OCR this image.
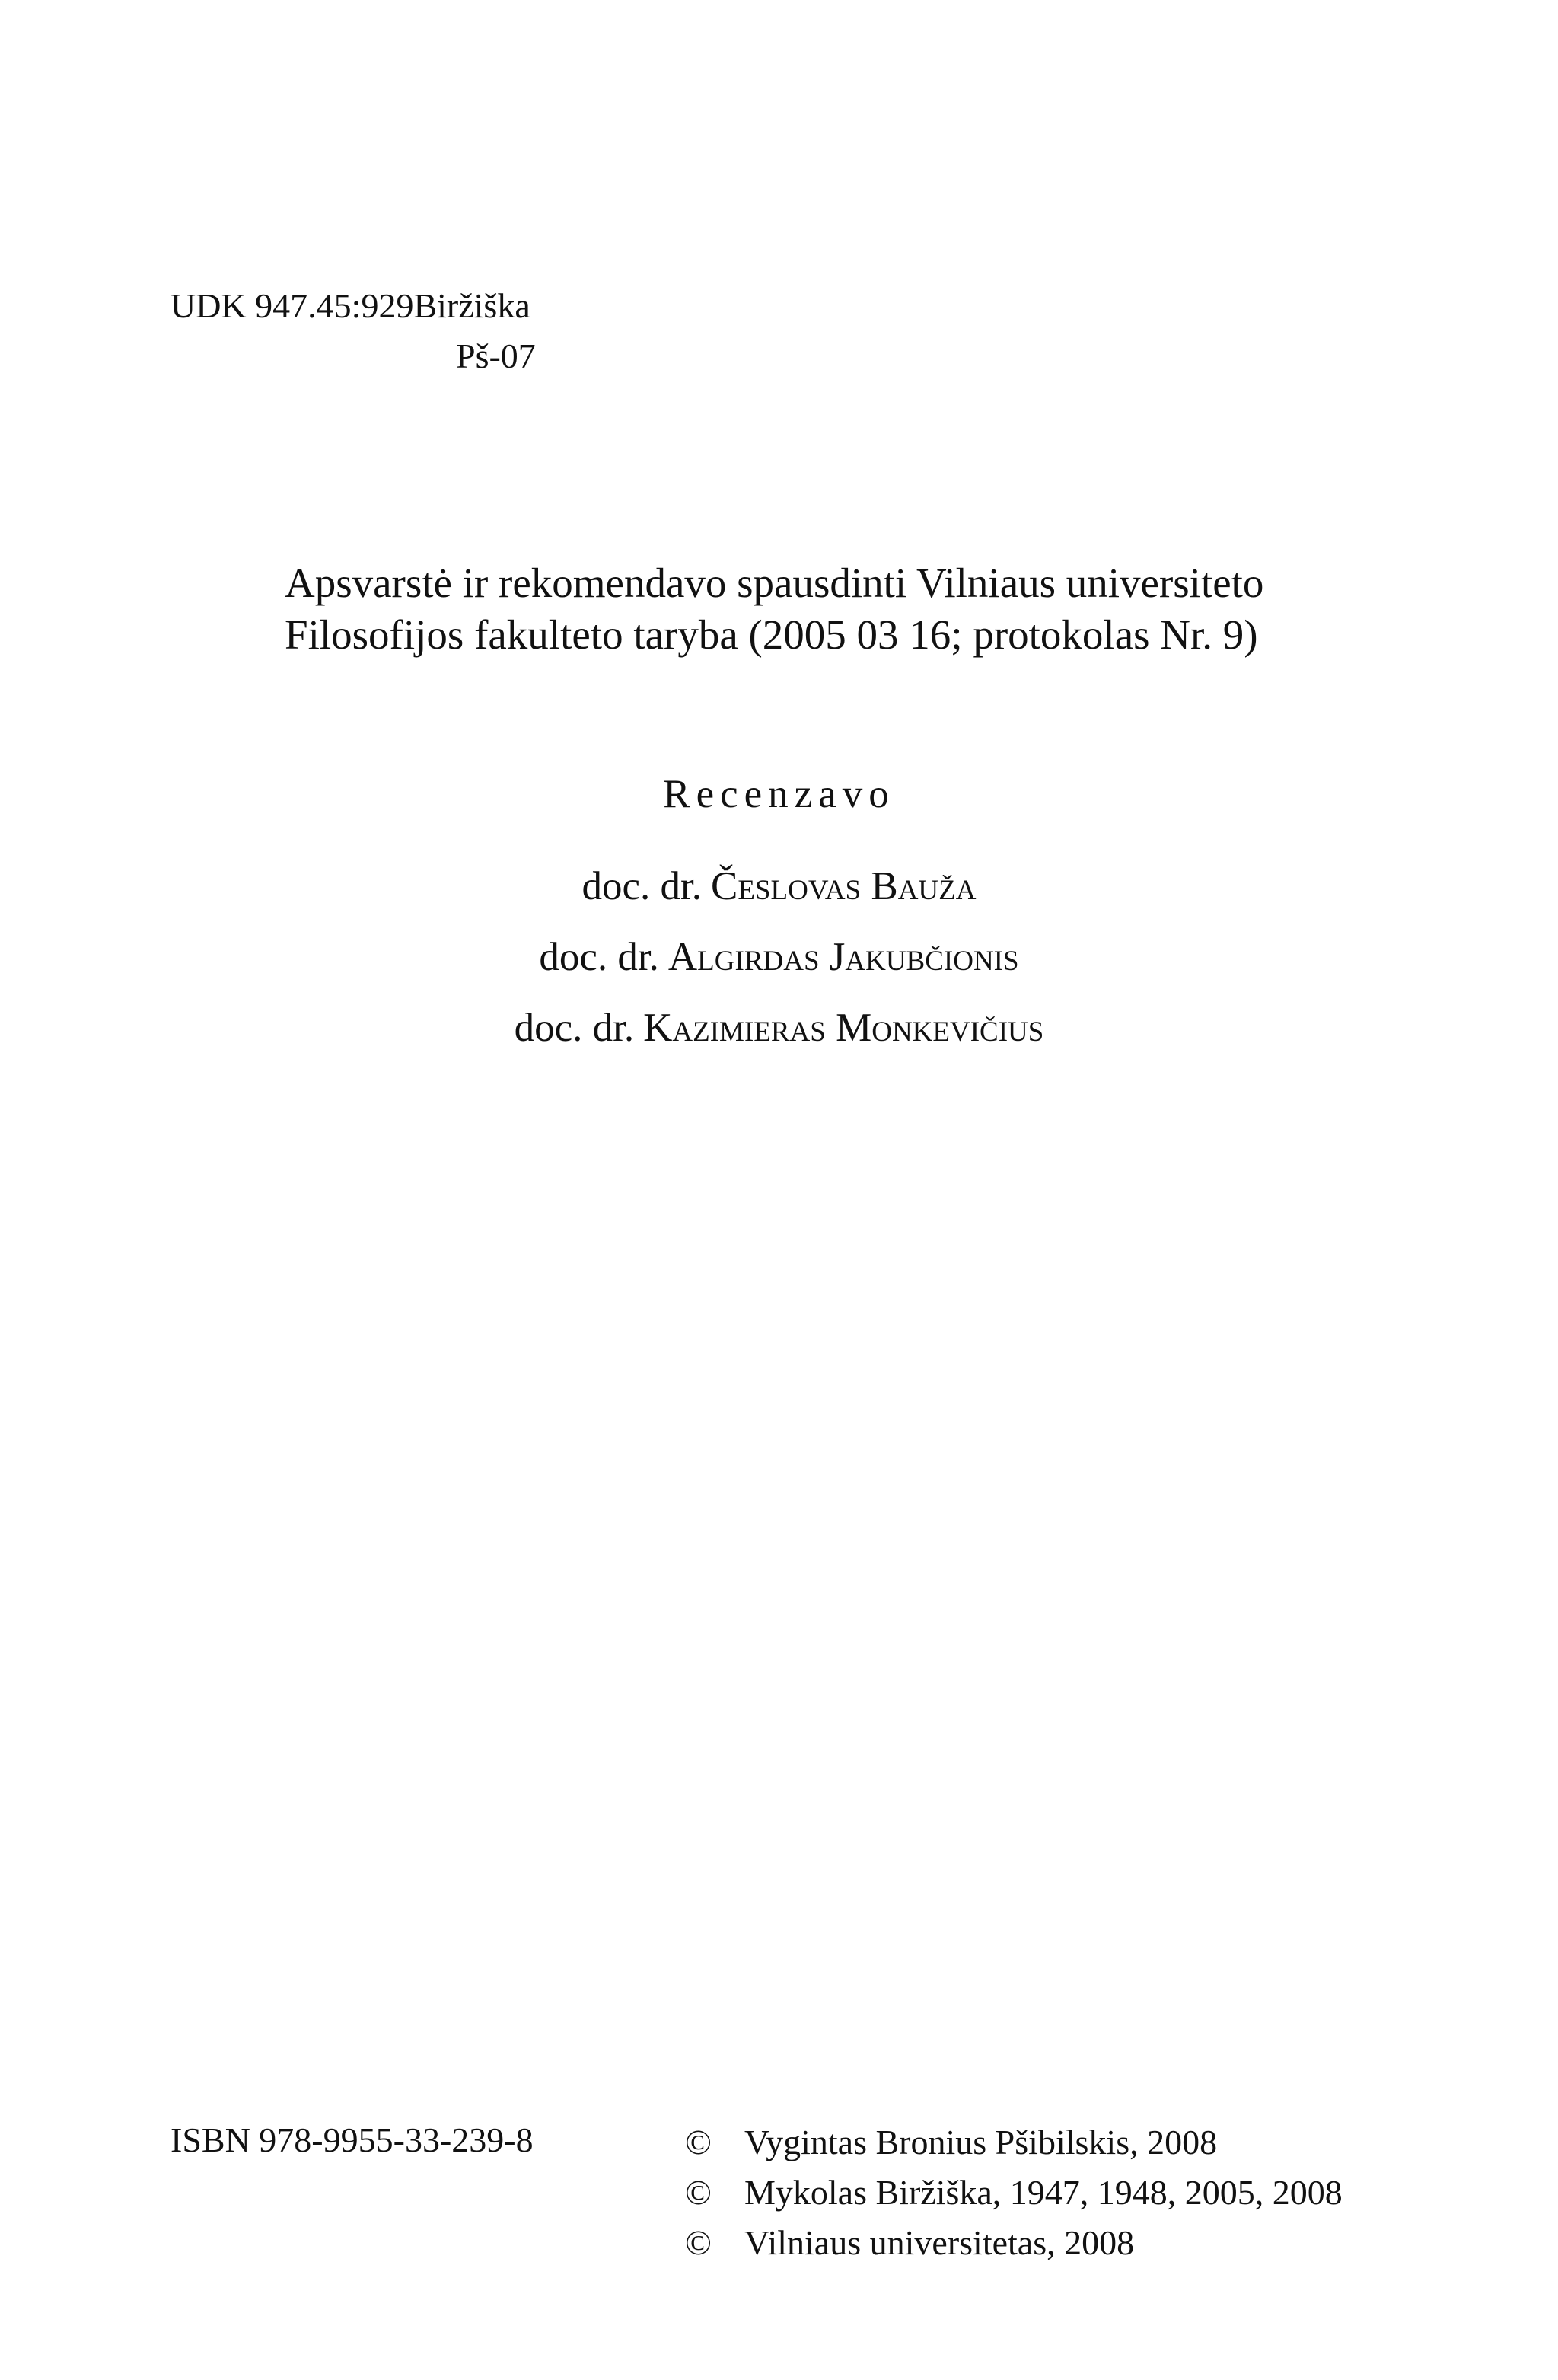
UDK 947.45:929Biržiška
Pš-07
Apsvarstė ir rekomendavo spausdinti Vilniaus universiteto
Filosofijos fakulteto taryba (2005 03 16; protokolas Nr. 9)
Recenzavo
doc. dr. Česlovas Bauža
doc. dr. Algirdas Jakubčionis
doc. dr. Kazimieras Monkevičius
ISBN 978-9955-33-239-8	© Vygintas Bronius Pšibilskis, 2008
© Mykolas Biržiška, 1947, 1948, 2005, 2008
© Vilniaus universitetas, 2008
